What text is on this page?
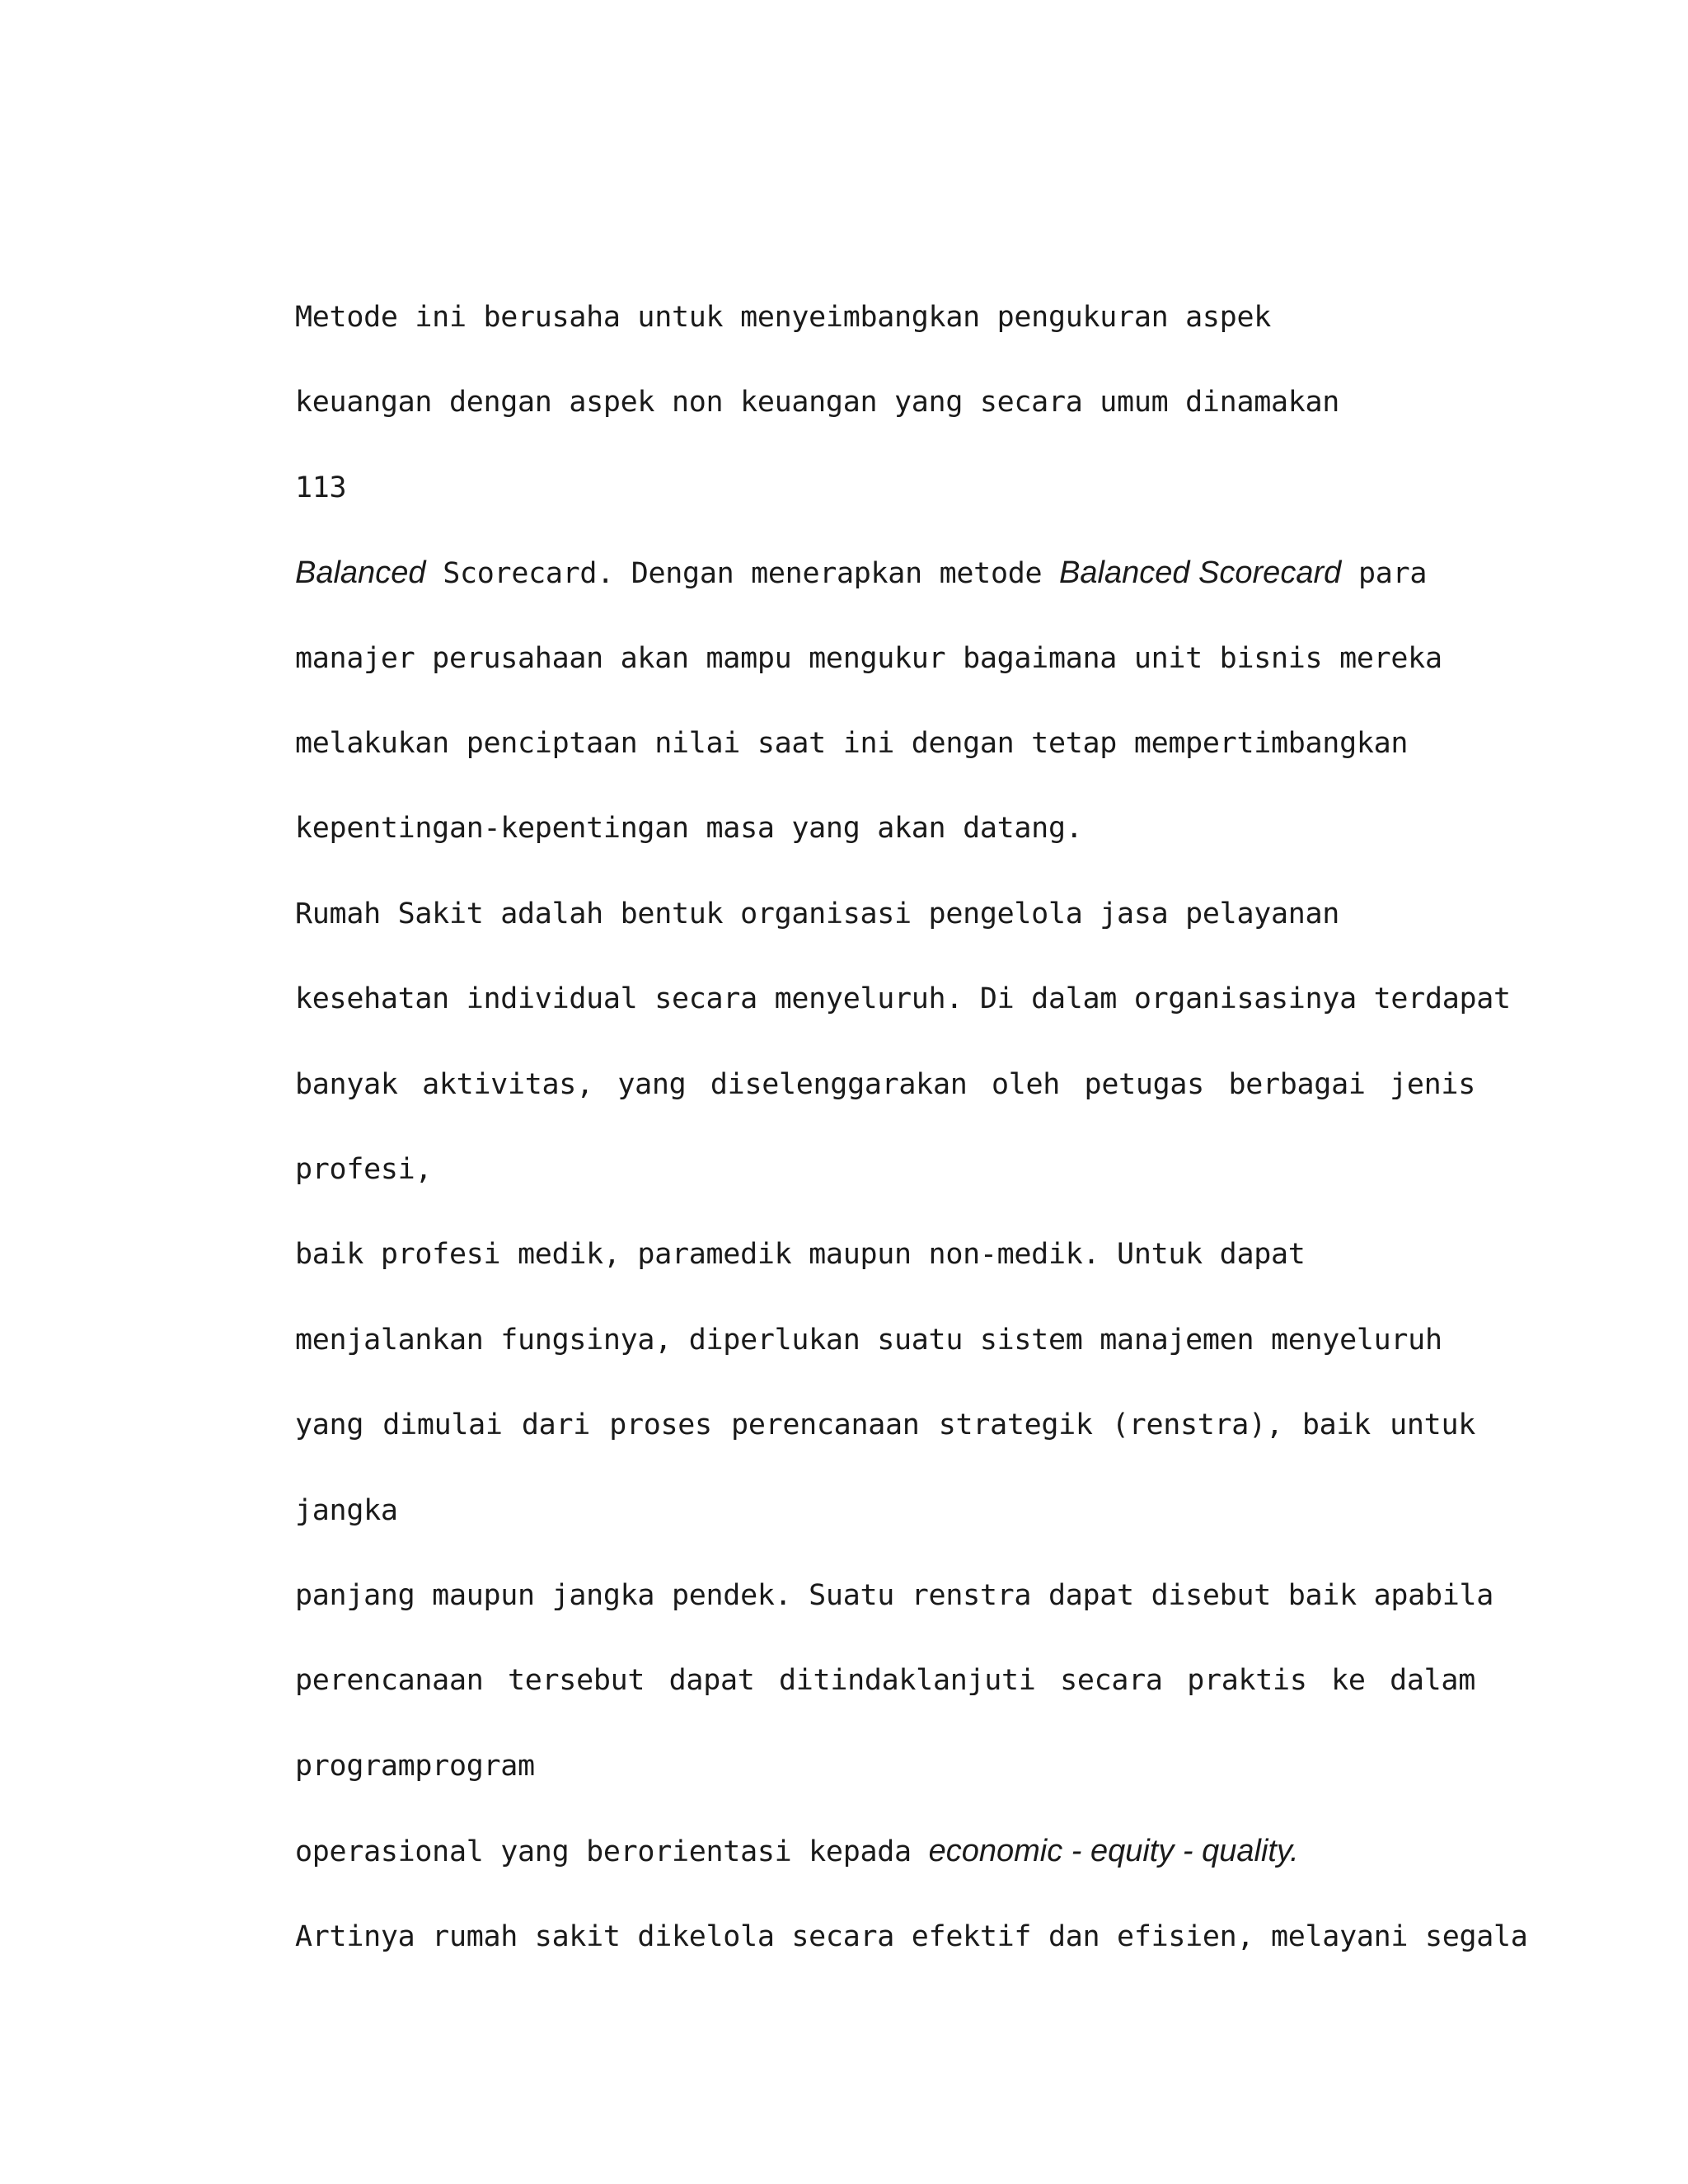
Metode ini berusaha untuk menyeimbangkan pengukuran aspek
keuangan dengan aspek non keuangan yang secara umum dinamakan
113
Balanced Scorecard. Dengan menerapkan metode Balanced Scorecard para
manajer perusahaan akan mampu mengukur bagaimana unit bisnis mereka
melakukan penciptaan nilai saat ini dengan tetap mempertimbangkan
kepentingan-kepentingan masa yang akan datang.
Rumah Sakit adalah bentuk organisasi pengelola jasa pelayanan
kesehatan individual secara menyeluruh. Di dalam organisasinya terdapat
banyak aktivitas, yang diselenggarakan oleh petugas berbagai jenis
profesi,
baik profesi medik, paramedik maupun non-medik. Untuk dapat
menjalankan fungsinya, diperlukan suatu sistem manajemen menyeluruh
yang dimulai dari proses perencanaan strategik (renstra), baik untuk
jangka
panjang maupun jangka pendek. Suatu renstra dapat disebut baik apabila
perencanaan tersebut dapat ditindaklanjuti secara praktis ke dalam
programprogram
operasional yang berorientasi kepada economic - equity - quality.
Artinya rumah sakit dikelola secara efektif dan efisien, melayani segala
